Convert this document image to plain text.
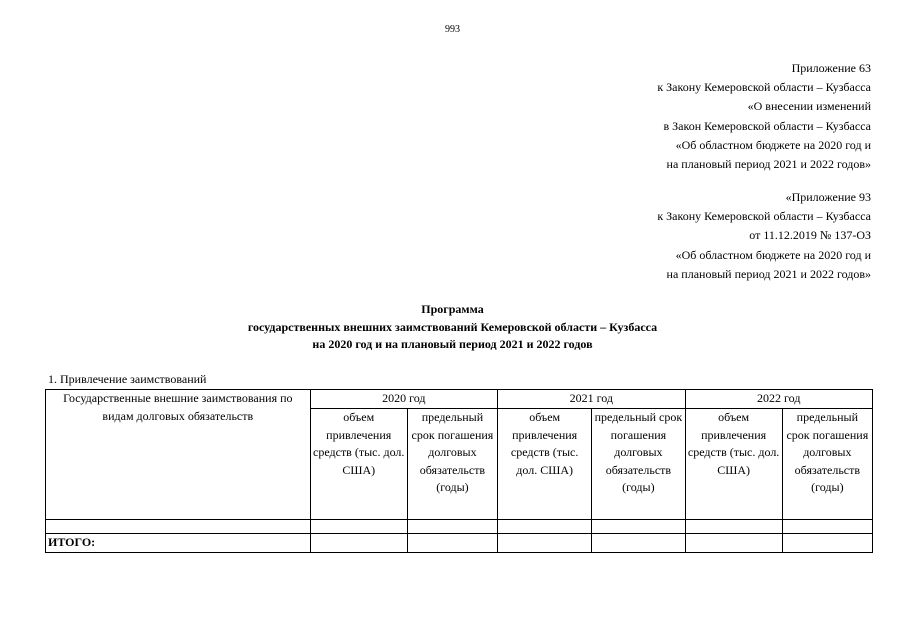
993

Приложение 63

к Закону Кемеровской области – Кузбасса

«О внесении изменений

в Закон Кемеровской области – Кузбасса

«Об областном бюджете на 2020 год и

на плановый период 2021 и 2022 годов»

«Приложение 93

к Закону Кемеровской области – Кузбасса

от 11.12.2019 № 137-ОЗ

«Об областном бюджете на 2020 год и

на плановый период 2021 и 2022 годов»

Программа

государственных внешних заимствований Кемеровской области – Кузбасса

на 2020 год и на плановый период 2021 и 2022 годов

1. Привлечение заимствований
Государственные внешние заимствования по видам долговых обязательств	2020 год		2021 год		2022 год	
	объем привлечения средств (тыс. дол. США)	предельный срок погашения долговых обязательств (годы)	объем привлечения средств (тыс. дол. США)	предельный срок погашения долговых обязательств (годы)	объем привлечения средств (тыс. дол. США)	предельный срок погашения долговых обязательств (годы)

ИТОГО:						
